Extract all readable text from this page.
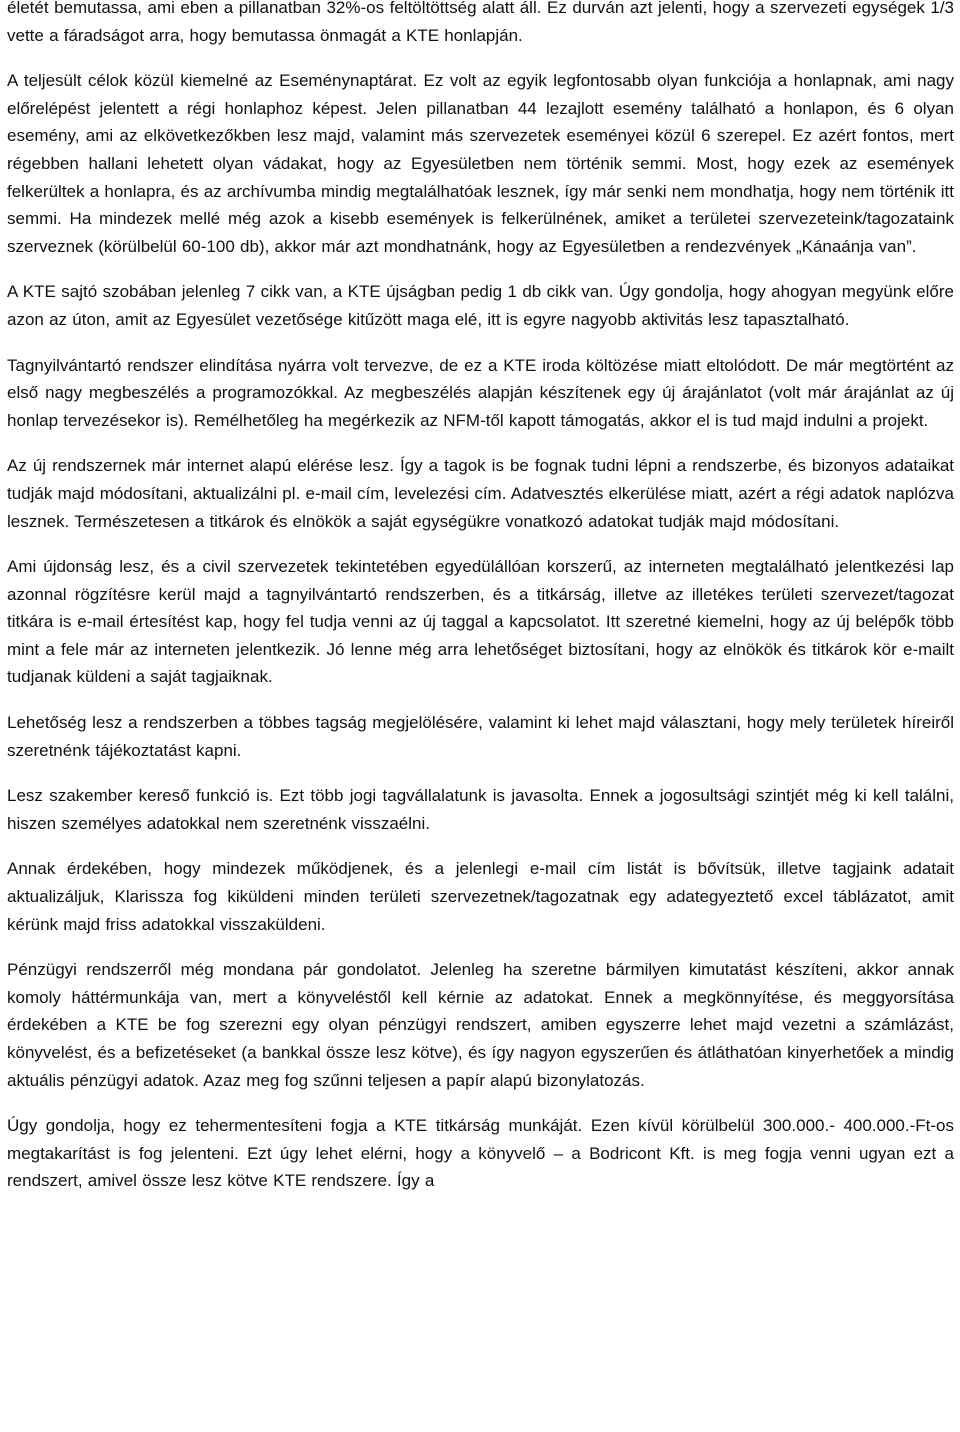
életét bemutassa, ami eben a pillanatban 32%-os feltöltöttség alatt áll. Ez durván azt jelenti, hogy a szervezeti egységek 1/3 vette a fáradságot arra, hogy bemutassa önmagát a KTE honlapján.

A teljesült célok közül kiemelné az Eseménynaptárat. Ez volt az egyik legfontosabb olyan funkciója a honlapnak, ami nagy előrelépést jelentett a régi honlaphoz képest. Jelen pillanatban 44 lezajlott esemény található a honlapon, és 6 olyan esemény, ami az elkövetkezőkben lesz majd, valamint más szervezetek eseményei közül 6 szerepel. Ez azért fontos, mert régebben hallani lehetett olyan vádakat, hogy az Egyesületben nem történik semmi. Most, hogy ezek az események felkerültek a honlapra, és az archívumba mindig megtalálhatóak lesznek, így már senki nem mondhatja, hogy nem történik itt semmi. Ha mindezek mellé még azok a kisebb események is felkerülnének, amiket a területei szervezeteink/tagozataink szerveznek (körülbelül 60-100 db), akkor már azt mondhatnánk, hogy az Egyesületben a rendezvények „Kánaánja van”.

A KTE sajtó szobában jelenleg 7 cikk van, a KTE újságban pedig 1 db cikk van. Úgy gondolja, hogy ahogyan megyünk előre azon az úton, amit az Egyesület vezetősége kitűzött maga elé, itt is egyre nagyobb aktivitás lesz tapasztalható.

Tagnyilvántartó rendszer elindítása nyárra volt tervezve, de ez a KTE iroda költözése miatt eltolódott. De már megtörtént az első nagy megbeszélés a programozókkal. Az megbeszélés alapján készítenek egy új árajánlatot (volt már árajánlat az új honlap tervezésekor is). Remélhetőleg ha megérkezik az NFM-től kapott támogatás, akkor el is tud majd indulni a projekt.

Az új rendszernek már internet alapú elérése lesz. Így a tagok is be fognak tudni lépni a rendszerbe, és bizonyos adataikat tudják majd módosítani, aktualizálni pl. e-mail cím, levelezési cím. Adatvesztés elkerülése miatt, azért a régi adatok naplózva lesznek. Természetesen a titkárok és elnökök a saját egységükre vonatkozó adatokat tudják majd módosítani.

Ami újdonság lesz, és a civil szervezetek tekintetében egyedülállóan korszerű, az interneten megtalálható jelentkezési lap azonnal rögzítésre kerül majd a tagnyilvántartó rendszerben, és a titkárság, illetve az illetékes területi szervezet/tagozat titkára is e-mail értesítést kap, hogy fel tudja venni az új taggal a kapcsolatot. Itt szeretné kiemelni, hogy az új belépők több mint a fele már az interneten jelentkezik. Jó lenne még arra lehetőséget biztosítani, hogy az elnökök és titkárok kör e-mailt tudjanak küldeni a saját tagjaiknak.

Lehetőség lesz a rendszerben a többes tagság megjelölésére, valamint ki lehet majd választani, hogy mely területek híreiről szeretnénk tájékoztatást kapni.

Lesz szakember kereső funkció is. Ezt több jogi tagvállalatunk is javasolta. Ennek a jogosultsági szintjét még ki kell találni, hiszen személyes adatokkal nem szeretnénk visszaélni.

Annak érdekében, hogy mindezek működjenek, és a jelenlegi e-mail cím listát is bővítsük, illetve tagjaink adatait aktualizáljuk, Klarissza fog kiküldeni minden területi szervezetnek/tagozatnak egy adategyeztető excel táblázatot, amit kérünk majd friss adatokkal visszaküldeni.

Pénzügyi rendszerről még mondana pár gondolatot. Jelenleg ha szeretne bármilyen kimutatást készíteni, akkor annak komoly háttérmunkája van, mert a könyveléstől kell kérnie az adatokat. Ennek a megkönnyítése, és meggyorsítása érdekében a KTE be fog szerezni egy olyan pénzügyi rendszert, amiben egyszerre lehet majd vezetni a számlázást, könyvelést, és a befizetéseket (a bankkal össze lesz kötve), és így nagyon egyszerűen és átláthatóan kinyerhetőek a mindig aktuális pénzügyi adatok. Azaz meg fog szűnni teljesen a papír alapú bizonylatozás.

Úgy gondolja, hogy ez tehermentesíteni fogja a KTE titkárság munkáját. Ezen kívül körülbelül 300.000.- 400.000.-Ft-os megtakarítást is fog jelenteni. Ezt úgy lehet elérni, hogy a könyvelő – a Bodricont Kft. is meg fogja venni ugyan ezt a rendszert, amivel össze lesz kötve KTE rendszere. Így a
